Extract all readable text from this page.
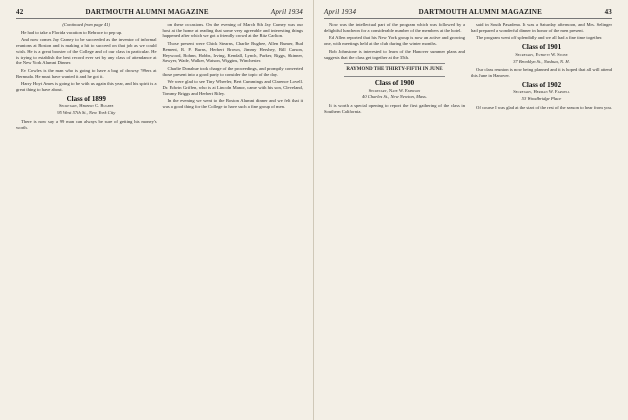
42	DARTMOUTH ALUMNI MAGAZINE	April 1934

(Continued from page 41)

He had to take a Florida vacation to Rebrace to pep up.

And now comes Jay Carney to be succeeded as the inventor of informal reunions at Boston and is making a hit to succeed on that job as we could wish. He is a great booster of the College and of our class in particular. He is trying to establish the best record ever set by any class of attendance at the New York Alumni Dinner.

Ev Cowles is the man who is going to have a bag of drowsy '99ers at Bermuda. He must have wanted it and he got it.

Harry Hoyt Ames is going to be with us again this year, and his spirit is a great thing to have about.

Class of 1899
Secretary, Herbert C. Bugbee
95 West 57th St., New York City

There is now say a 99 man can always be sure of getting his money's worth.

on these occasions. On the evening of March 8th Jay Carney was our host at the home at reading that some very agreeable and interesting things happened after which we got a friendly crowd at the Ritz Carlton.

Those present were Chick Stearns, Charlie Bugbee, Allen Bumer, Bud Bement, R. P. Burns, Herbert Brown, Jimmy Hershey, Bill Carson, Heywood, Bohnn, Hobbs, Irving, Kendall, Lynch, Parker, Riggs, Skinner, Sawyer, Wade, Walker, Watson, Wiggins, Winchester.

Charlie Donahue took charge of the proceedings, and promptly converted those present into a good party to consider the topic of the day.

We were glad to see Tiny Wheeler, Bert Cummings and Clarence Lovell. Dr. Edwin Griffen, who is at Lincoln Manor, came with his son, Cleveland, Tommy Briggs and Herbert Riley.

In the evening we went to the Boston Alumni dinner and we felt that it was a good thing for the College to have such a fine group of men.

April 1934	DARTMOUTH ALUMNI MAGAZINE	43

Now was the intellectual part of the program which was followed by a delightful luncheon for a considerable number of the members at the hotel.

Ed Allen reported that his New York group is now an active and growing one, with meetings held at the club during the winter months.

Bob Johnstone is interested to learn of the Hanover summer plans and suggests that the class get together at the 35th.

RAYMOND THE THIRTY-FIFTH IN JUNE
Class of 1900
Secretary, Nate W. Emerson
40 Charles St., New Newton, Mass.

It is worth a special opening to report the first gathering of the class in Southern California.

said in South Pasadena. It was a Saturday afternoon, and Mrs. Selinger had prepared a wonderful dinner in honor of the men present.

The program went off splendidly and we all had a fine time together.

Class of 1901
Secretary, Everett W. Stone
37 Brooklyn St., Nashua, N. H.

Our class reunion is now being planned and it is hoped that all will attend this June in Hanover.

Class of 1902
Secretary, Herman W. Farwell
53 Woodbridge Place

Of course I was glad at the start of the rest of the season to hear from you.
